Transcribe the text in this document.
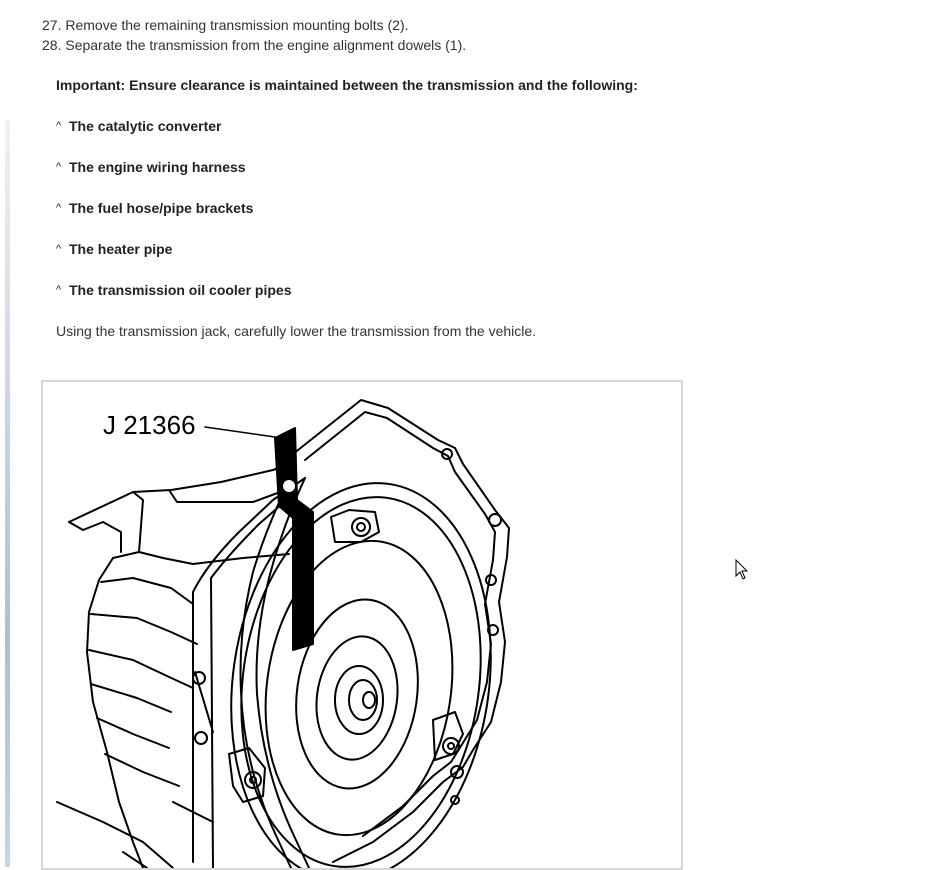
27. Remove the remaining transmission mounting bolts (2).
28. Separate the transmission from the engine alignment dowels (1).
Important: Ensure clearance is maintained between the transmission and the following:
^ The catalytic converter
^ The engine wiring harness
^ The fuel hose/pipe brackets
^ The heater pipe
^ The transmission oil cooler pipes
Using the transmission jack, carefully lower the transmission from the vehicle.
J 21366
